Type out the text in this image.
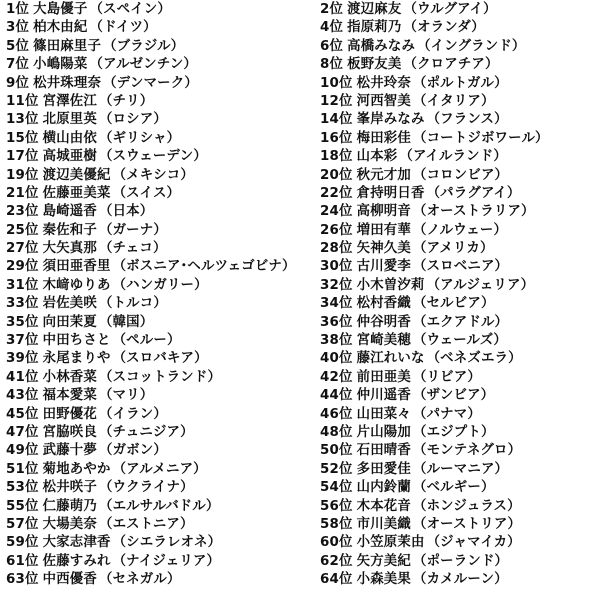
1位 大島優子 （スペイン）	2位 渡辺麻友 （ウルグアイ）
3位 柏木由紀 （ドイツ）	4位 指原莉乃 （オランダ）
5位 篠田麻里子 （ブラジル）	6位 高橋みなみ （イングランド）
7位 小嶋陽菜 （アルゼンチン）	8位 板野友美 （クロアチア）
9位 松井珠理奈 （デンマーク）	10位 松井玲奈 （ポルトガル）
11位 宮澤佐江 （チリ）	12位 河西智美 （イタリア）
13位 北原里英 （ロシア）	14位 峯岸みなみ （フランス）
15位 横山由依 （ギリシャ）	16位 梅田彩佳 （コートジボワール）
17位 高城亜樹 （スウェーデン）	18位 山本彩 （アイルランド）
19位 渡辺美優紀 （メキシコ）	20位 秋元才加 （コロンビア）
21位 佐藤亜美菜 （スイス）	22位 倉持明日香 （パラグアイ）
23位 島崎遥香 （日本）	24位 高柳明音 （オーストラリア）
25位 秦佐和子 （ガーナ）	26位 増田有華 （ノルウェー）
27位 大矢真那 （チェコ）	28位 矢神久美 （アメリカ）
29位 須田亜香里 （ボスニア･ヘルツェゴビナ）	30位 古川愛李 （スロベニア）
31位 木﨑ゆりあ （ハンガリー）	32位 小木曽汐莉 （アルジェリア）
33位 岩佐美咲 （トルコ）	34位 松村香織 （セルビア）
35位 向田茉夏 （韓国）	36位 仲谷明香 （エクアドル）
37位 中田ちさと （ペルー）	38位 宮崎美穂 （ウェールズ）
39位 永尾まりや （スロバキア）	40位 藤江れいな （ベネズエラ）
41位 小林香菜 （スコットランド）	42位 前田亜美 （リビア）
43位 福本愛菜 （マリ）	44位 仲川遥香 （ザンビア）
45位 田野優花 （イラン）	46位 山田菜々 （パナマ）
47位 宮脇咲良 （チュニジア）	48位 片山陽加 （エジプト）
49位 武藤十夢 （ガボン）	50位 石田晴香 （モンテネグロ）
51位 菊地あやか （アルメニア）	52位 多田愛佳 （ルーマニア）
53位 松井咲子 （ウクライナ）	54位 山内鈴蘭 （ベルギー）
55位 仁藤萌乃 （エルサルバドル）	56位 木本花音 （ホンジュラス）
57位 大場美奈 （エストニア）	58位 市川美織 （オーストリア）
59位 大家志津香 （シエラレオネ）	60位 小笠原茉由 （ジャマイカ）
61位 佐藤すみれ （ナイジェリア）	62位 矢方美紀 （ポーランド）
63位 中西優香 （セネガル）	64位 小森美果 （カメルーン）
